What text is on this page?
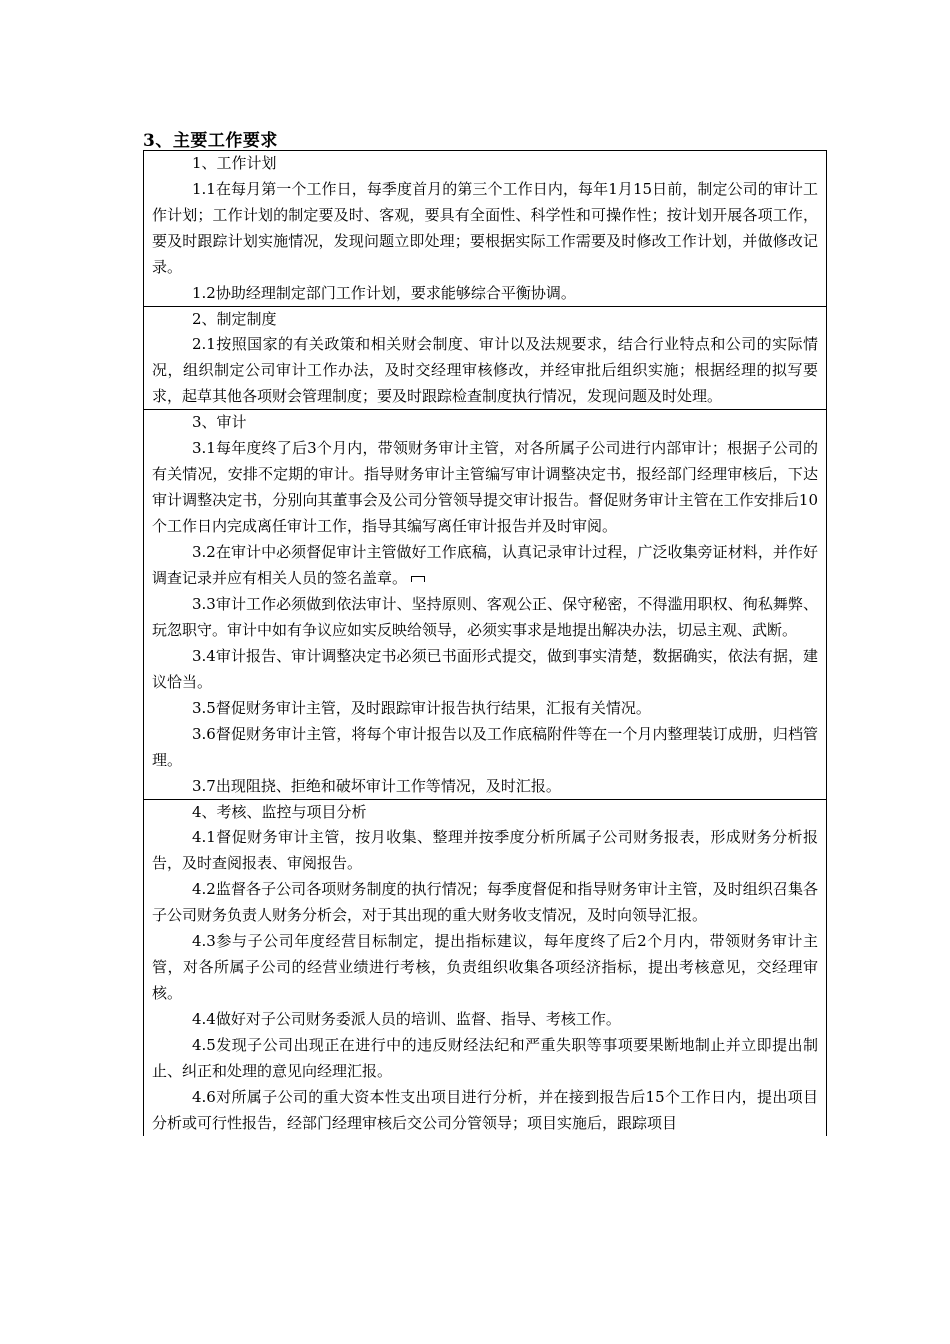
3、主要工作要求
1、工作计划

1.1在每月第一个工作日，每季度首月的第三个工作日内，每年1月15日前，制定公司的审计工作计划；工作计划的制定要及时、客观，要具有全面性、科学性和可操作性；按计划开展各项工作，要及时跟踪计划实施情况，发现问题立即处理；要根据实际工作需要及时修改工作计划，并做修改记录。

1.2协助经理制定部门工作计划，要求能够综合平衡协调。

2、制定制度

2.1按照国家的有关政策和相关财会制度、审计以及法规要求，结合行业特点和公司的实际情况，组织制定公司审计工作办法，及时交经理审核修改，并经审批后组织实施；根据经理的拟写要求，起草其他各项财会管理制度；要及时跟踪检查制度执行情况，发现问题及时处理。

3、审计

3.1每年度终了后3个月内，带领财务审计主管，对各所属子公司进行内部审计；根据子公司的有关情况，安排不定期的审计。指导财务审计主管编写审计调整决定书，报经部门经理审核后，下达审计调整决定书，分别向其董事会及公司分管领导提交审计报告。督促财务审计主管在工作安排后10个工作日内完成离任审计工作，指导其编写离任审计报告并及时审阅。

3.2在审计中必须督促审计主管做好工作底稿，认真记录审计过程，广泛收集旁证材料，并作好调查记录并应有相关人员的签名盖章。

3.3审计工作必须做到依法审计、坚持原则、客观公正、保守秘密，不得滥用职权、徇私舞弊、玩忽职守。审计中如有争议应如实反映给领导，必须实事求是地提出解决办法，切忌主观、武断。

3.4审计报告、审计调整决定书必须已书面形式提交，做到事实清楚，数据确实，依法有据，建议恰当。

3.5督促财务审计主管，及时跟踪审计报告执行结果，汇报有关情况。

3.6督促财务审计主管，将每个审计报告以及工作底稿附件等在一个月内整理装订成册，归档管理。

3.7出现阻挠、拒绝和破坏审计工作等情况，及时汇报。

4、考核、监控与项目分析

4.1督促财务审计主管，按月收集、整理并按季度分析所属子公司财务报表，形成财务分析报告，及时查阅报表、审阅报告。

4.2监督各子公司各项财务制度的执行情况；每季度督促和指导财务审计主管，及时组织召集各子公司财务负责人财务分析会，对于其出现的重大财务收支情况，及时向领导汇报。

4.3参与子公司年度经营目标制定，提出指标建议，每年度终了后2个月内，带领财务审计主管，对各所属子公司的经营业绩进行考核，负责组织收集各项经济指标，提出考核意见，交经理审核。

4.4做好对子公司财务委派人员的培训、监督、指导、考核工作。

4.5发现子公司出现正在进行中的违反财经法纪和严重失职等事项要果断地制止并立即提出制止、纠正和处理的意见向经理汇报。

4.6对所属子公司的重大资本性支出项目进行分析，并在接到报告后15个工作日内，提出项目分析或可行性报告，经部门经理审核后交公司分管领导；项目实施后，跟踪项目
